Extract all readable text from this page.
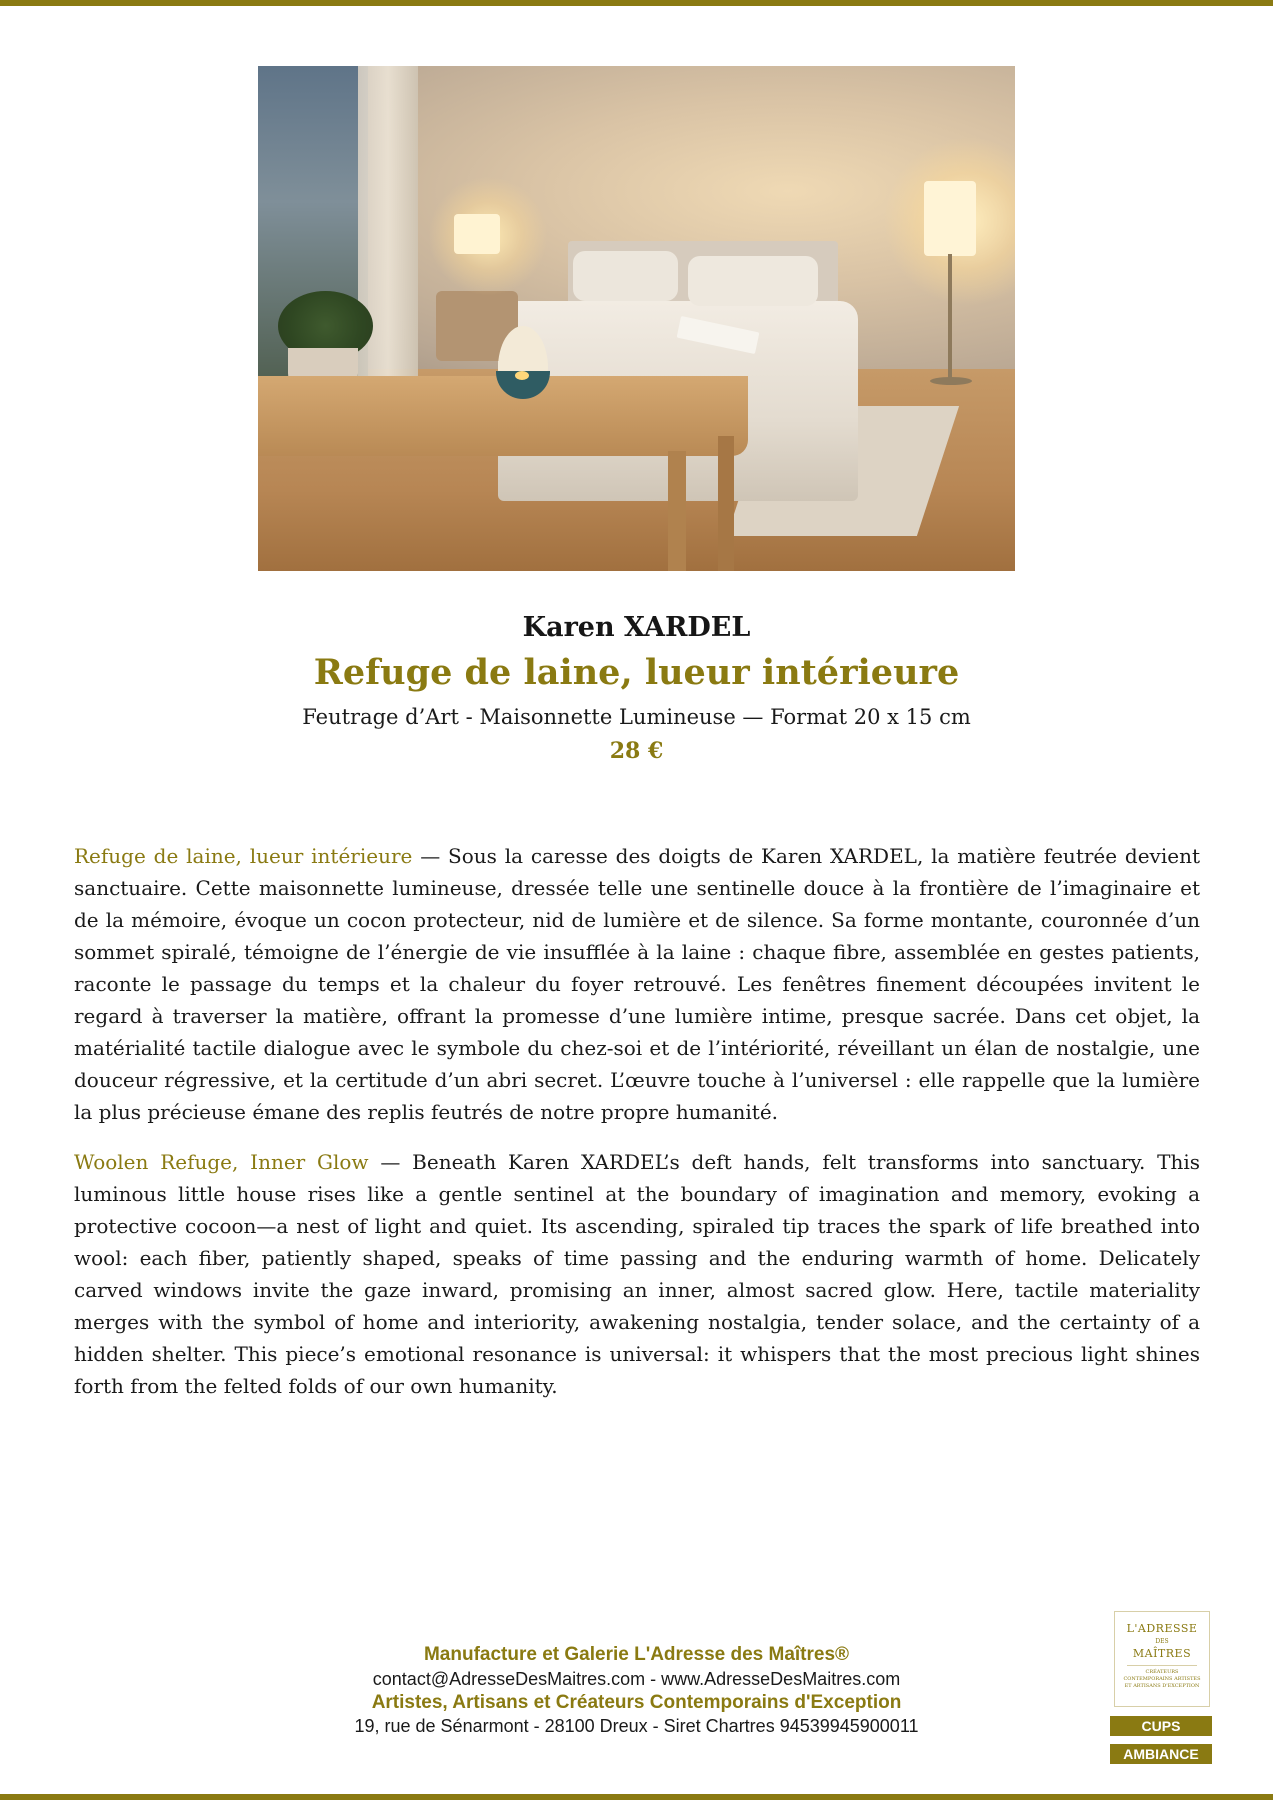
Karen XARDEL
Refuge de laine, lueur intérieure
Feutrage d’Art - Maisonnette Lumineuse — Format 20 x 15 cm
28 €

Refuge de laine, lueur intérieure — Sous la caresse des doigts de Karen XARDEL, la matière feutrée devient sanctuaire. Cette maisonnette lumineuse, dressée telle une sentinelle douce à la frontière de l’imaginaire et de la mémoire, évoque un cocon protecteur, nid de lumière et de silence. Sa forme montante, couronnée d’un sommet spiralé, témoigne de l’énergie de vie insufflée à la laine : chaque fibre, assemblée en gestes patients, raconte le passage du temps et la chaleur du foyer retrouvé. Les fenêtres finement découpées invitent le regard à traverser la matière, offrant la promesse d’une lumière intime, presque sacrée. Dans cet objet, la matérialité tactile dialogue avec le symbole du chez-soi et de l’intériorité, réveillant un élan de nostalgie, une douceur régressive, et la certitude d’un abri secret. L’œuvre touche à l’universel : elle rappelle que la lumière la plus précieuse émane des replis feutrés de notre propre humanité.

Woolen Refuge, Inner Glow — Beneath Karen XARDEL’s deft hands, felt transforms into sanctuary. This luminous little house rises like a gentle sentinel at the boundary of imagination and memory, evoking a protective cocoon—a nest of light and quiet. Its ascending, spiraled tip traces the spark of life breathed into wool: each fiber, patiently shaped, speaks of time passing and the enduring warmth of home. Delicately carved windows invite the gaze inward, promising an inner, almost sacred glow. Here, tactile materiality merges with the symbol of home and interiority, awakening nostalgia, tender solace, and the certainty of a hidden shelter. This piece’s emotional resonance is universal: it whispers that the most precious light shines forth from the felted folds of our own humanity.

Manufacture et Galerie L'Adresse des Maîtres®
contact@AdresseDesMaitres.com - www.AdresseDesMaitres.com
Artistes, Artisans et Créateurs Contemporains d'Exception
19, rue de Sénarmont - 28100 Dreux - Siret Chartres 94539945900011
L'ADRESSE
DES
MAÎTRES
CRÉATEURS CONTEMPORAINS ARTISTES ET ARTISANS D'EXCEPTION
CUPS
AMBIANCE
